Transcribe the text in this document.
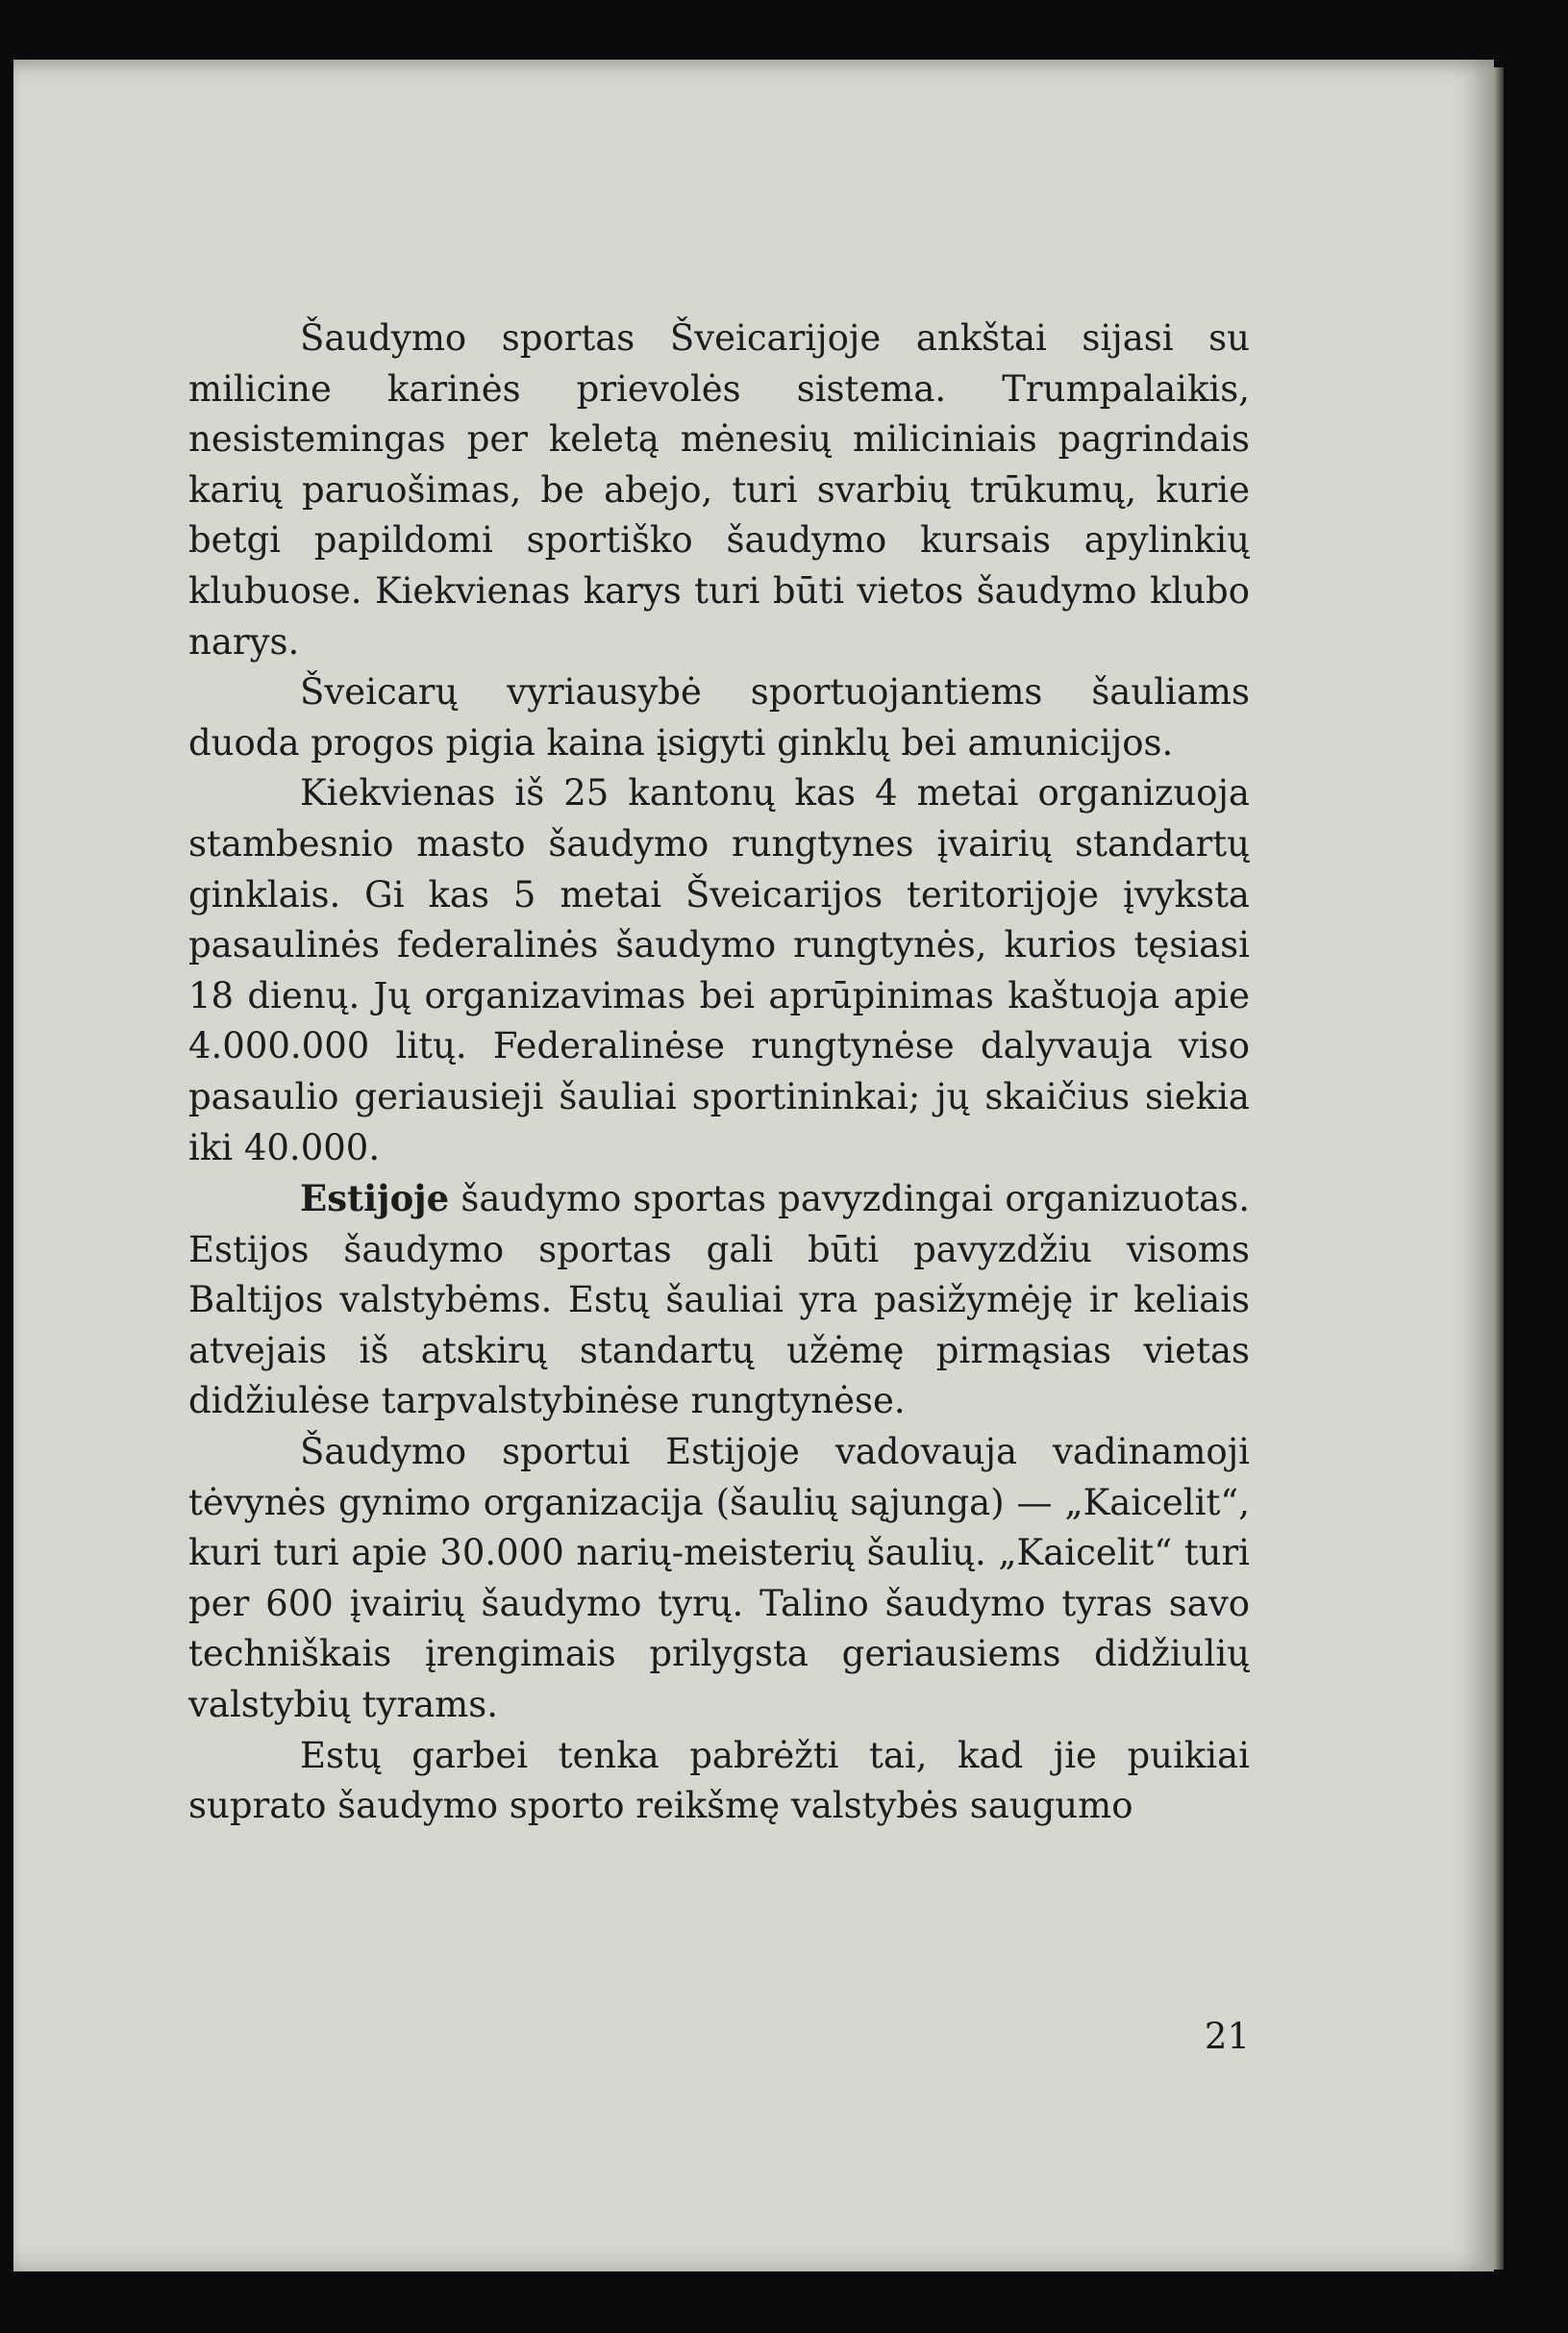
Šaudymo sportas Šveicarijoje ankštai sijasi su milicine karinės prievolės sistema. Trumpalaikis, nesistemingas per keletą mėnesių miliciniais pagrindais karių paruošimas, be abejo, turi svarbių trūkumų, kurie betgi papildomi sportiško šaudymo kursais apylinkių klubuose. Kiekvienas karys turi būti vietos šaudymo klubo narys.

Šveicarų vyriausybė sportuojantiems šauliams duoda progos pigia kaina įsigyti ginklų bei amunicijos.

Kiekvienas iš 25 kantonų kas 4 metai organizuoja stambesnio masto šaudymo rungtynes įvairių standartų ginklais. Gi kas 5 metai Šveicarijos teritorijoje įvyksta pasaulinės federalinės šaudymo rungtynės, kurios tęsiasi 18 dienų. Jų organizavimas bei aprūpinimas kaštuoja apie 4.000.000 litų. Federalinėse rungtynėse dalyvauja viso pasaulio geriausieji šauliai sportininkai; jų skaičius siekia iki 40.000.

Estijoje šaudymo sportas pavyzdingai organizuotas. Estijos šaudymo sportas gali būti pavyzdžiu visoms Baltijos valstybėms. Estų šauliai yra pasižymėję ir keliais atvejais iš atskirų standartų užėmę pirmąsias vietas didžiulėse tarpvalstybinėse rungtynėse.

Šaudymo sportui Estijoje vadovauja vadinamoji tėvynės gynimo organizacija (šaulių sąjunga) — „Kaicelit“, kuri turi apie 30.000 narių-meisterių šaulių. „Kaicelit“ turi per 600 įvairių šaudymo tyrų. Talino šaudymo tyras savo techniškais įrengimais prilygsta geriausiems didžiulių valstybių tyrams.

Estų garbei tenka pabrėžti tai, kad jie puikiai suprato šaudymo sporto reikšmę valstybės saugumo

21
